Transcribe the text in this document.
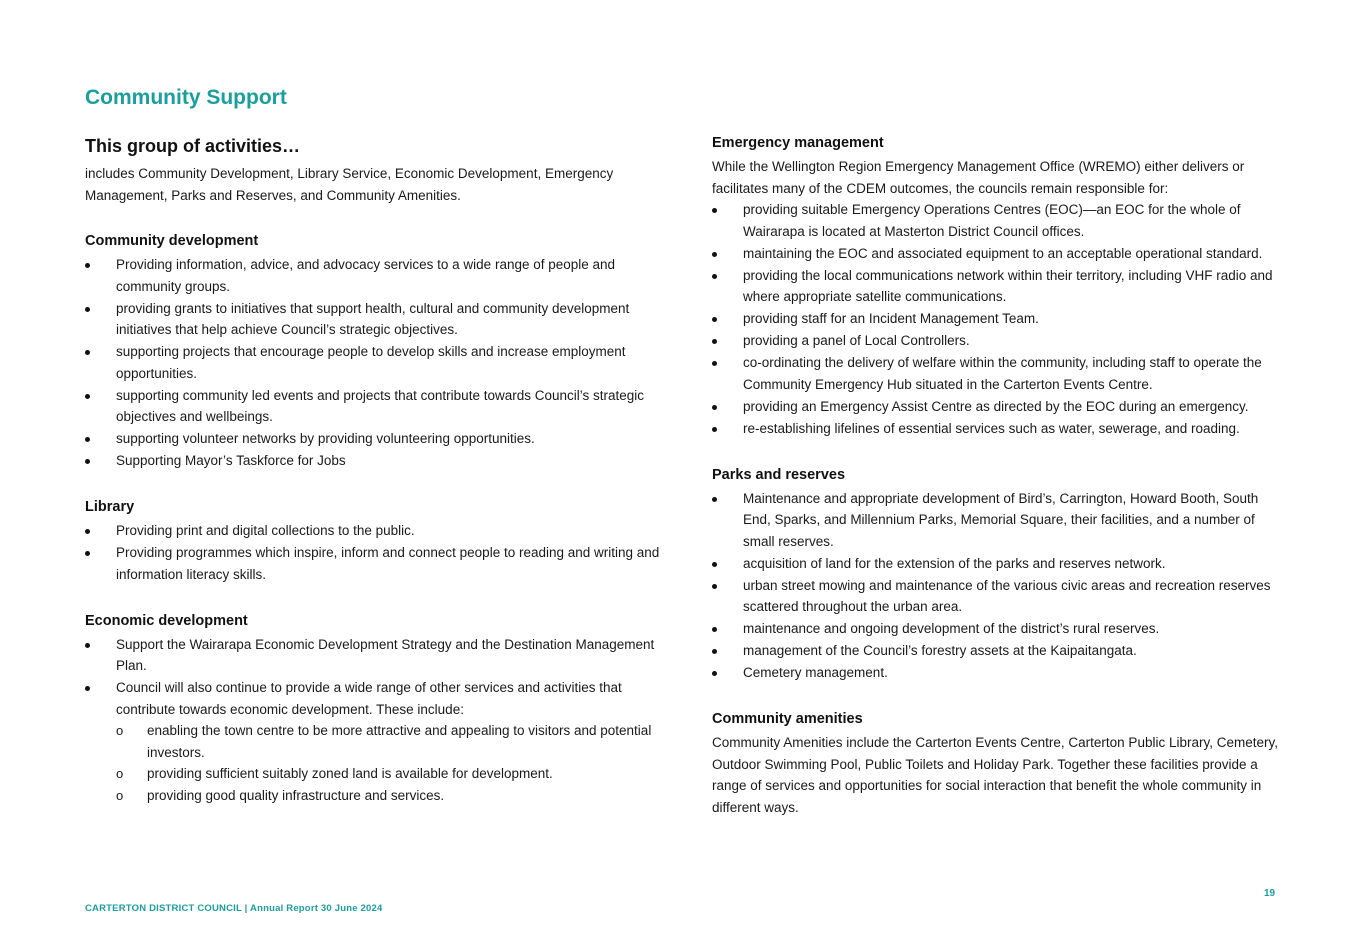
Community Support
This group of activities…

includes Community Development, Library Service, Economic Development, Emergency Management, Parks and Reserves, and Community Amenities.

Community development
Providing information, advice, and advocacy services to a wide range of people and community groups.
providing grants to initiatives that support health, cultural and community development initiatives that help achieve Council’s strategic objectives.
supporting projects that encourage people to develop skills and increase employment opportunities.
supporting community led events and projects that contribute towards Council’s strategic objectives and wellbeings.
supporting volunteer networks by providing volunteering opportunities.
Supporting Mayor’s Taskforce for Jobs
Library
Providing print and digital collections to the public.
Providing programmes which inspire, inform and connect people to reading and writing and information literacy skills.
Economic development
Support the Wairarapa Economic Development Strategy and the Destination Management Plan.
Council will also continue to provide a wide range of other services and activities that contribute towards economic development. These include:
o enabling the town centre to be more attractive and appealing to visitors and potential investors.
o providing sufficient suitably zoned land is available for development.
o providing good quality infrastructure and services.
Emergency management

While the Wellington Region Emergency Management Office (WREMO) either delivers or facilitates many of the CDEM outcomes, the councils remain responsible for:

providing suitable Emergency Operations Centres (EOC)—an EOC for the whole of Wairarapa is located at Masterton District Council offices.
maintaining the EOC and associated equipment to an acceptable operational standard.
providing the local communications network within their territory, including VHF radio and where appropriate satellite communications.
providing staff for an Incident Management Team.
providing a panel of Local Controllers.
co-ordinating the delivery of welfare within the community, including staff to operate the Community Emergency Hub situated in the Carterton Events Centre.
providing an Emergency Assist Centre as directed by the EOC during an emergency.
re-establishing lifelines of essential services such as water, sewerage, and roading.
Parks and reserves
Maintenance and appropriate development of Bird’s, Carrington, Howard Booth, South End, Sparks, and Millennium Parks, Memorial Square, their facilities, and a number of small reserves.
acquisition of land for the extension of the parks and reserves network.
urban street mowing and maintenance of the various civic areas and recreation reserves scattered throughout the urban area.
maintenance and ongoing development of the district’s rural reserves.
management of the Council’s forestry assets at the Kaipaitangata.
Cemetery management.
Community amenities

Community Amenities include the Carterton Events Centre, Carterton Public Library, Cemetery, Outdoor Swimming Pool, Public Toilets and Holiday Park. Together these facilities provide a range of services and opportunities for social interaction that benefit the whole community in different ways.

19
CARTERTON DISTRICT COUNCIL | Annual Report 30 June 2024
